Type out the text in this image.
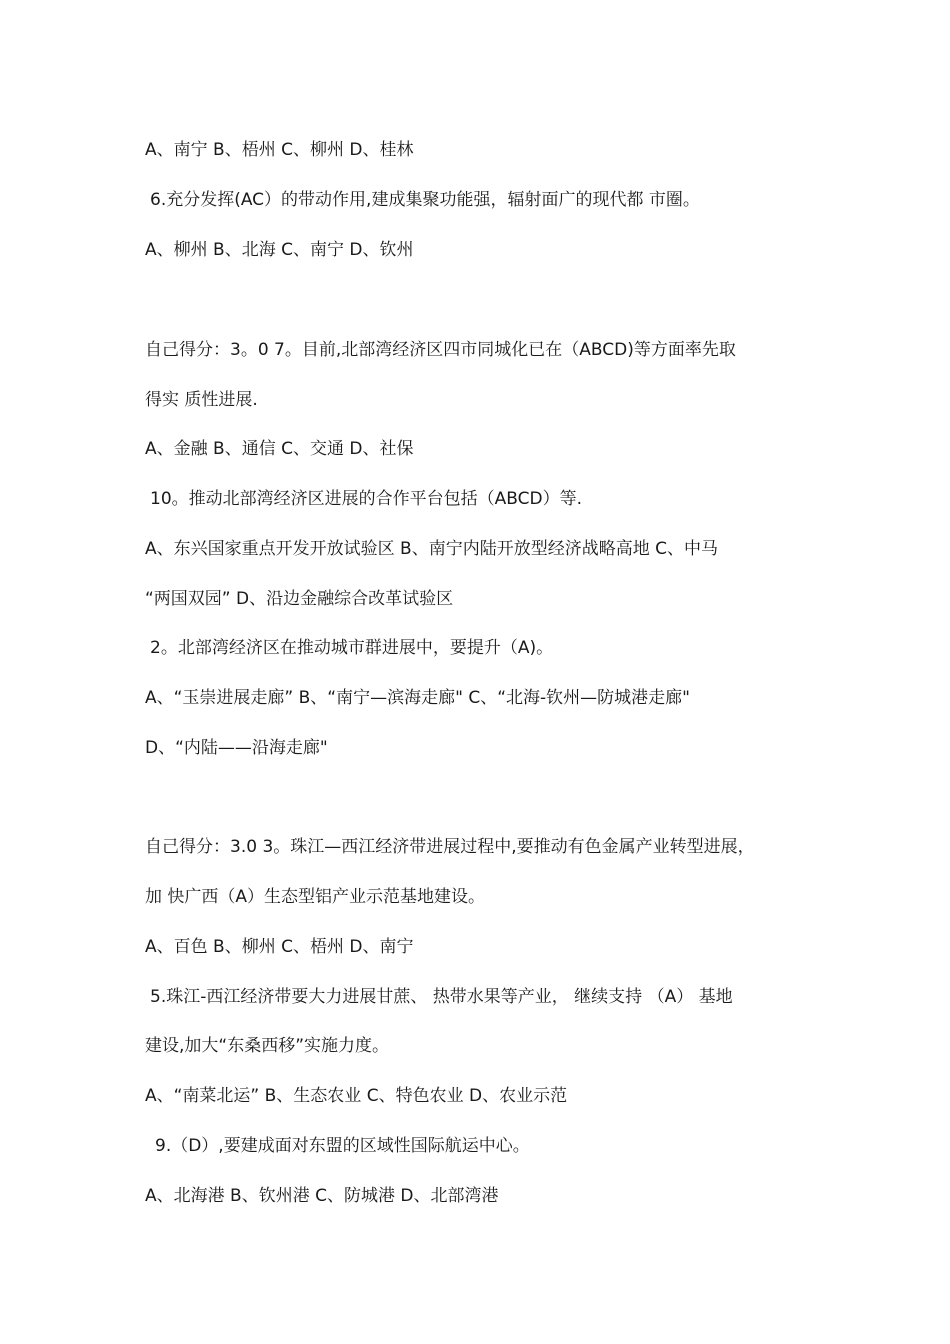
A、南宁 B、梧州 C、柳州 D、桂林
6.充分发挥(AC）的带动作用,建成集聚功能强，辐射面广的现代都 市圈。
A、柳州 B、北海 C、南宁 D、钦州
自己得分：3。0 7。目前,北部湾经济区四市同城化已在（ABCD)等方面率先取
得实 质性进展.
A、金融 B、通信 C、交通 D、社保
10。推动北部湾经济区进展的合作平台包括（ABCD）等.
A、东兴国家重点开发开放试验区 B、南宁内陆开放型经济战略高地 C、中马
“两国双园” D、沿边金融综合改革试验区
2。北部湾经济区在推动城市群进展中，要提升（A)。
A、“玉崇进展走廊” B、“南宁—滨海走廊" C、“北海-钦州—防城港走廊"
D、“内陆——沿海走廊"
自己得分：3.0 3。珠江—西江经济带进展过程中,要推动有色金属产业转型进展，
加 快广西（A）生态型铝产业示范基地建设。
A、百色 B、柳州 C、梧州 D、南宁
5.珠江-西江经济带要大力进展甘蔗、 热带水果等产业， 继续支持 （A） 基地
建设,加大“东桑西移”实施力度。
A、“南菜北运” B、生态农业 C、特色农业 D、农业示范
9.（D）,要建成面对东盟的区域性国际航运中心。
A、北海港 B、钦州港 C、防城港 D、北部湾港
